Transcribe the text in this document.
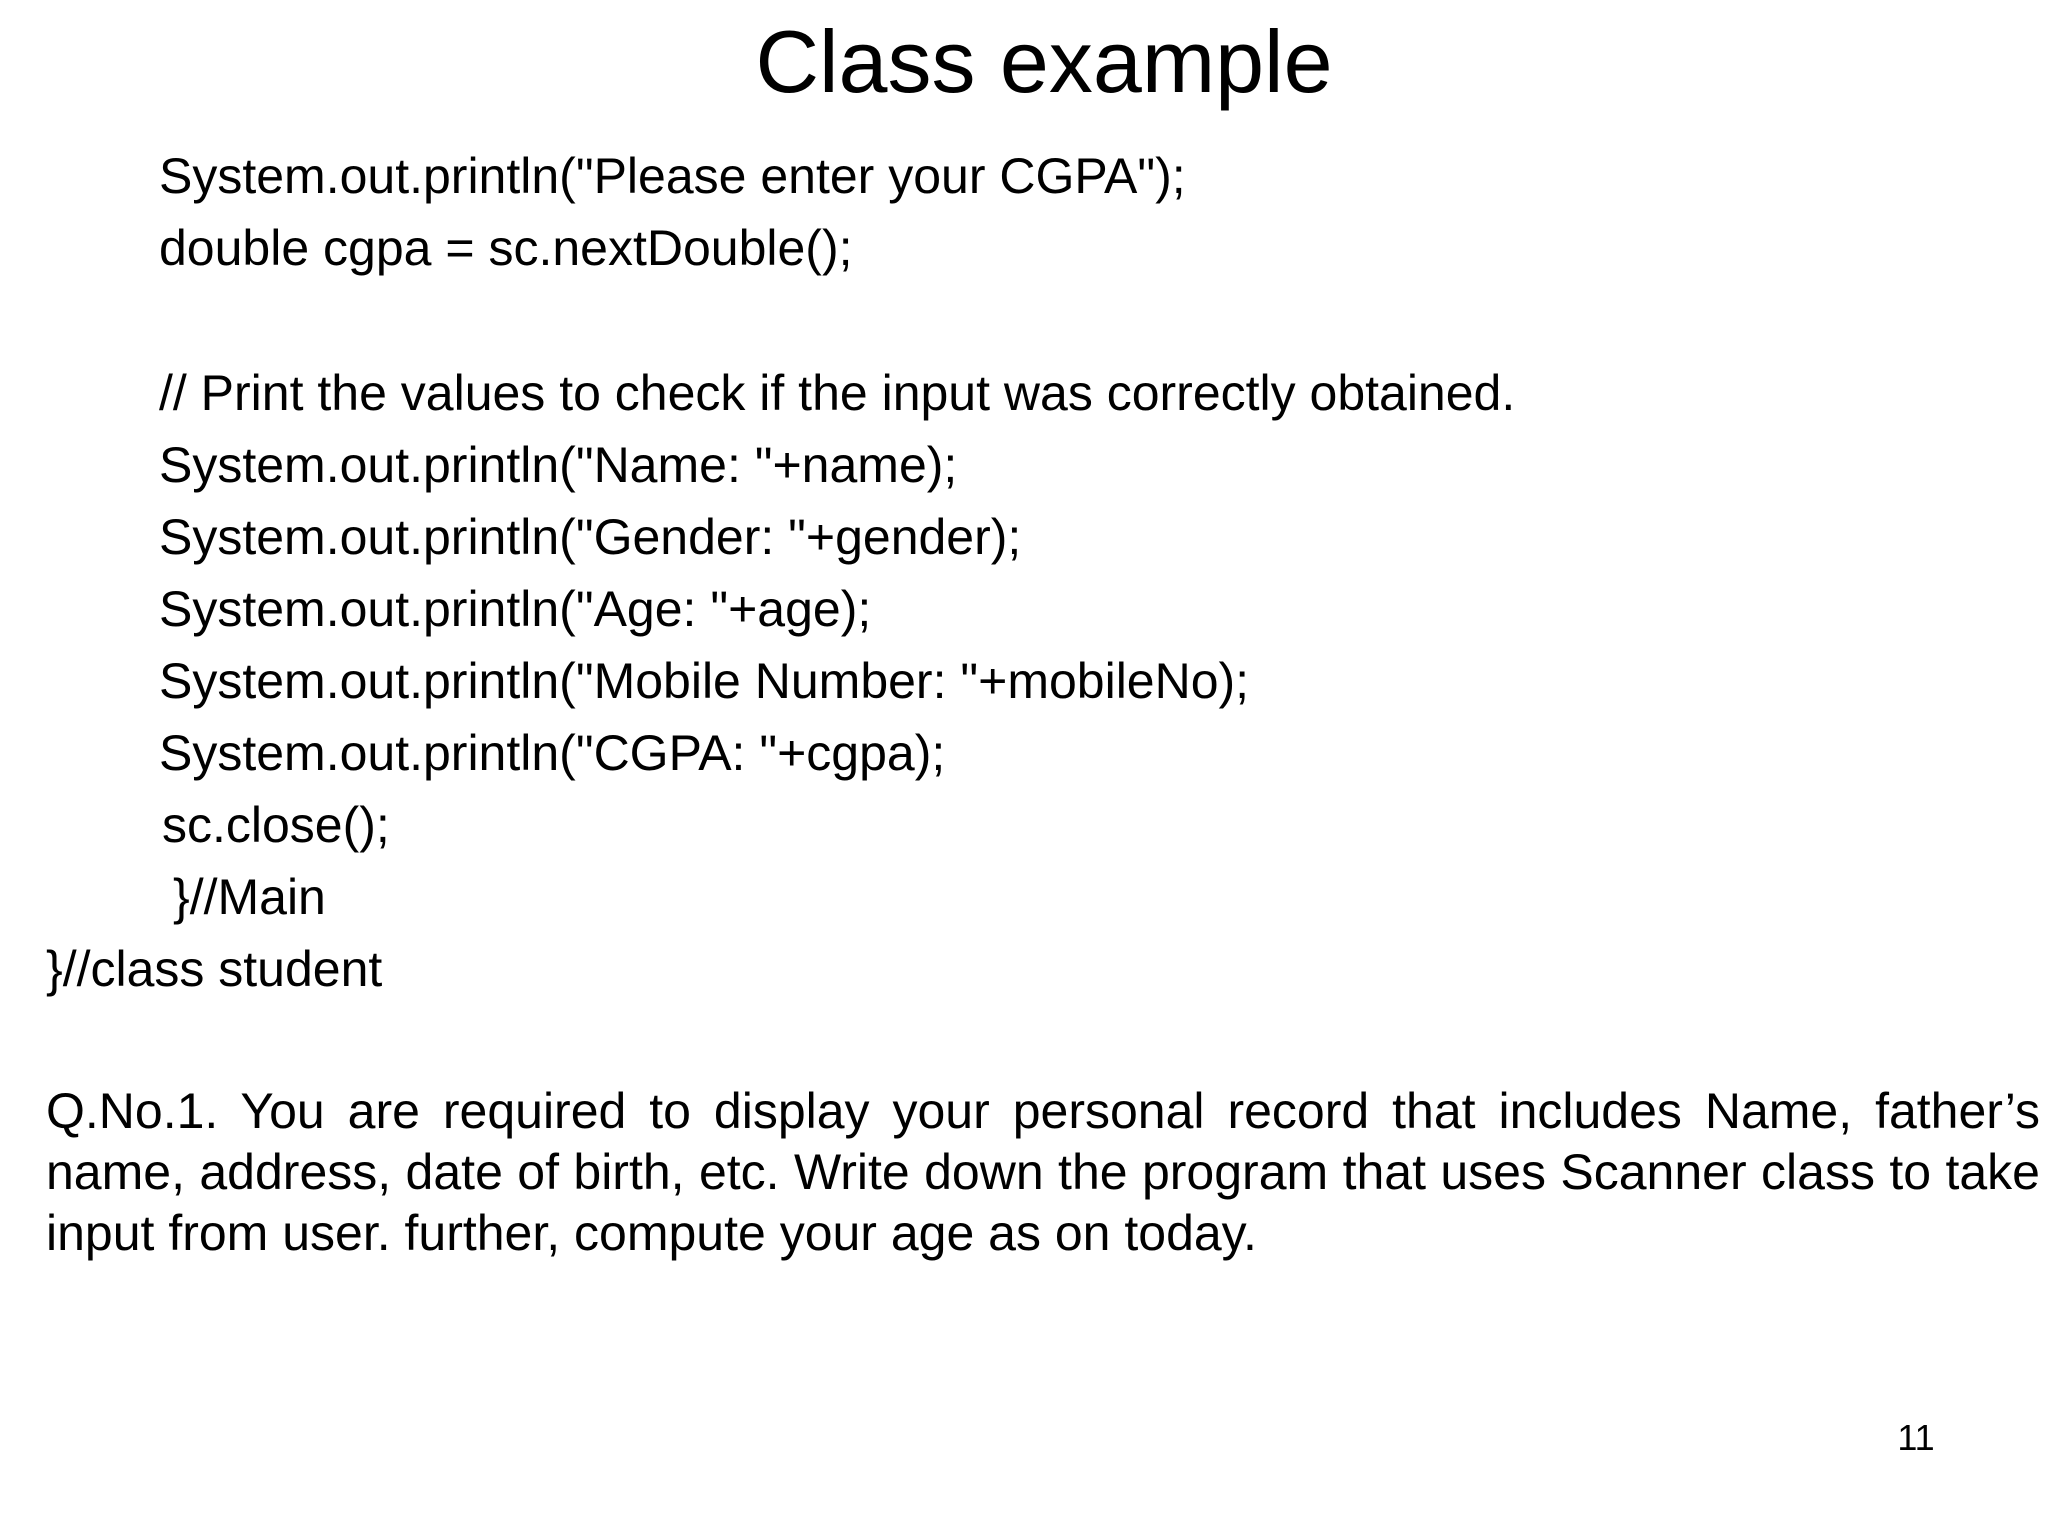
Class example
System.out.println("Please enter your CGPA");
double cgpa = sc.nextDouble();
// Print the values to check if the input was correctly obtained.
System.out.println("Name: "+name);
System.out.println("Gender: "+gender);
System.out.println("Age: "+age);
System.out.println("Mobile Number: "+mobileNo);
System.out.println("CGPA: "+cgpa);
sc.close();
}//Main
}//class student
Q.No.1. You are required to display your personal record that includes Name, father’s name, address, date of birth, etc. Write down the program that uses Scanner class to take input from user. further, compute your age as on today.
11
